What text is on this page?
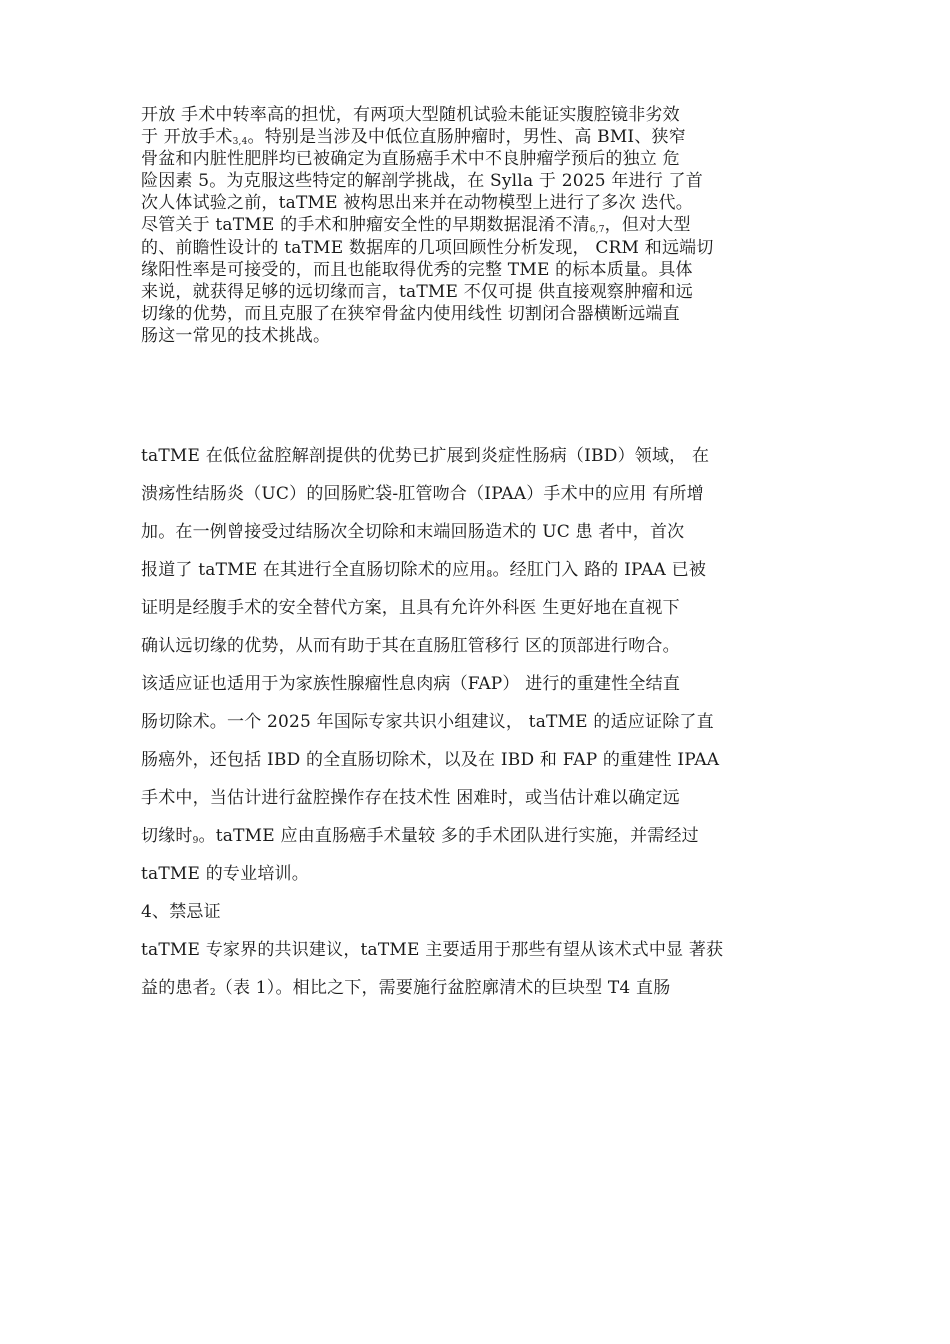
开放 手术中转率高的担忧，有两项大型随机试验未能证实腹腔镜非劣效
于 开放手术$_{3,4}$。特别是当涉及中低位直肠肿瘤时，男性、高 BMI、狭窄
骨盆和内脏性肥胖均已被确定为直肠癌手术中不良肿瘤学预后的独立 危
险因素 5。为克服这些特定的解剖学挑战，在 Sylla 于 2025 年进行 了首
次人体试验之前，taTME 被构思出来并在动物模型上进行了多次 迭代。
尽管关于 taTME 的手术和肿瘤安全性的早期数据混淆不清$_{6,7}$，但对大型
的、前瞻性设计的 taTME 数据库的几项回顾性分析发现， CRM 和远端切
缘阳性率是可接受的，而且也能取得优秀的完整 TME 的标本质量。具体
来说，就获得足够的远切缘而言，taTME 不仅可提 供直接观察肿瘤和远
切缘的优势，而且克服了在狭窄骨盆内使用线性 切割闭合器横断远端直
肠这一常见的技术挑战。
taTME 在低位盆腔解剖提供的优势已扩展到炎症性肠病（IBD）领域， 在
溃疡性结肠炎（UC）的回肠贮袋-肛管吻合（IPAA）手术中的应用 有所增
加。在一例曾接受过结肠次全切除和末端回肠造术的 UC 患 者中，首次
报道了 taTME 在其进行全直肠切除术的应用$_8$。经肛门入 路的 IPAA 已被
证明是经腹手术的安全替代方案，且具有允许外科医 生更好地在直视下
确认远切缘的优势，从而有助于其在直肠肛管移行 区的顶部进行吻合。
该适应证也适用于为家族性腺瘤性息肉病（FAP） 进行的重建性全结直
肠切除术。一个 2025 年国际专家共识小组建议， taTME 的适应证除了直
肠癌外，还包括 IBD 的全直肠切除术，以及在 IBD 和 FAP 的重建性 IPAA
手术中，当估计进行盆腔操作存在技术性 困难时，或当估计难以确定远
切缘时$_9$。taTME 应由直肠癌手术量较 多的手术团队进行实施，并需经过
taTME 的专业培训。
4、禁忌证
taTME 专家界的共识建议，taTME 主要适用于那些有望从该术式中显 著获
益的患者$_2$（表 1）。相比之下，需要施行盆腔廓清术的巨块型 T4 直肠
